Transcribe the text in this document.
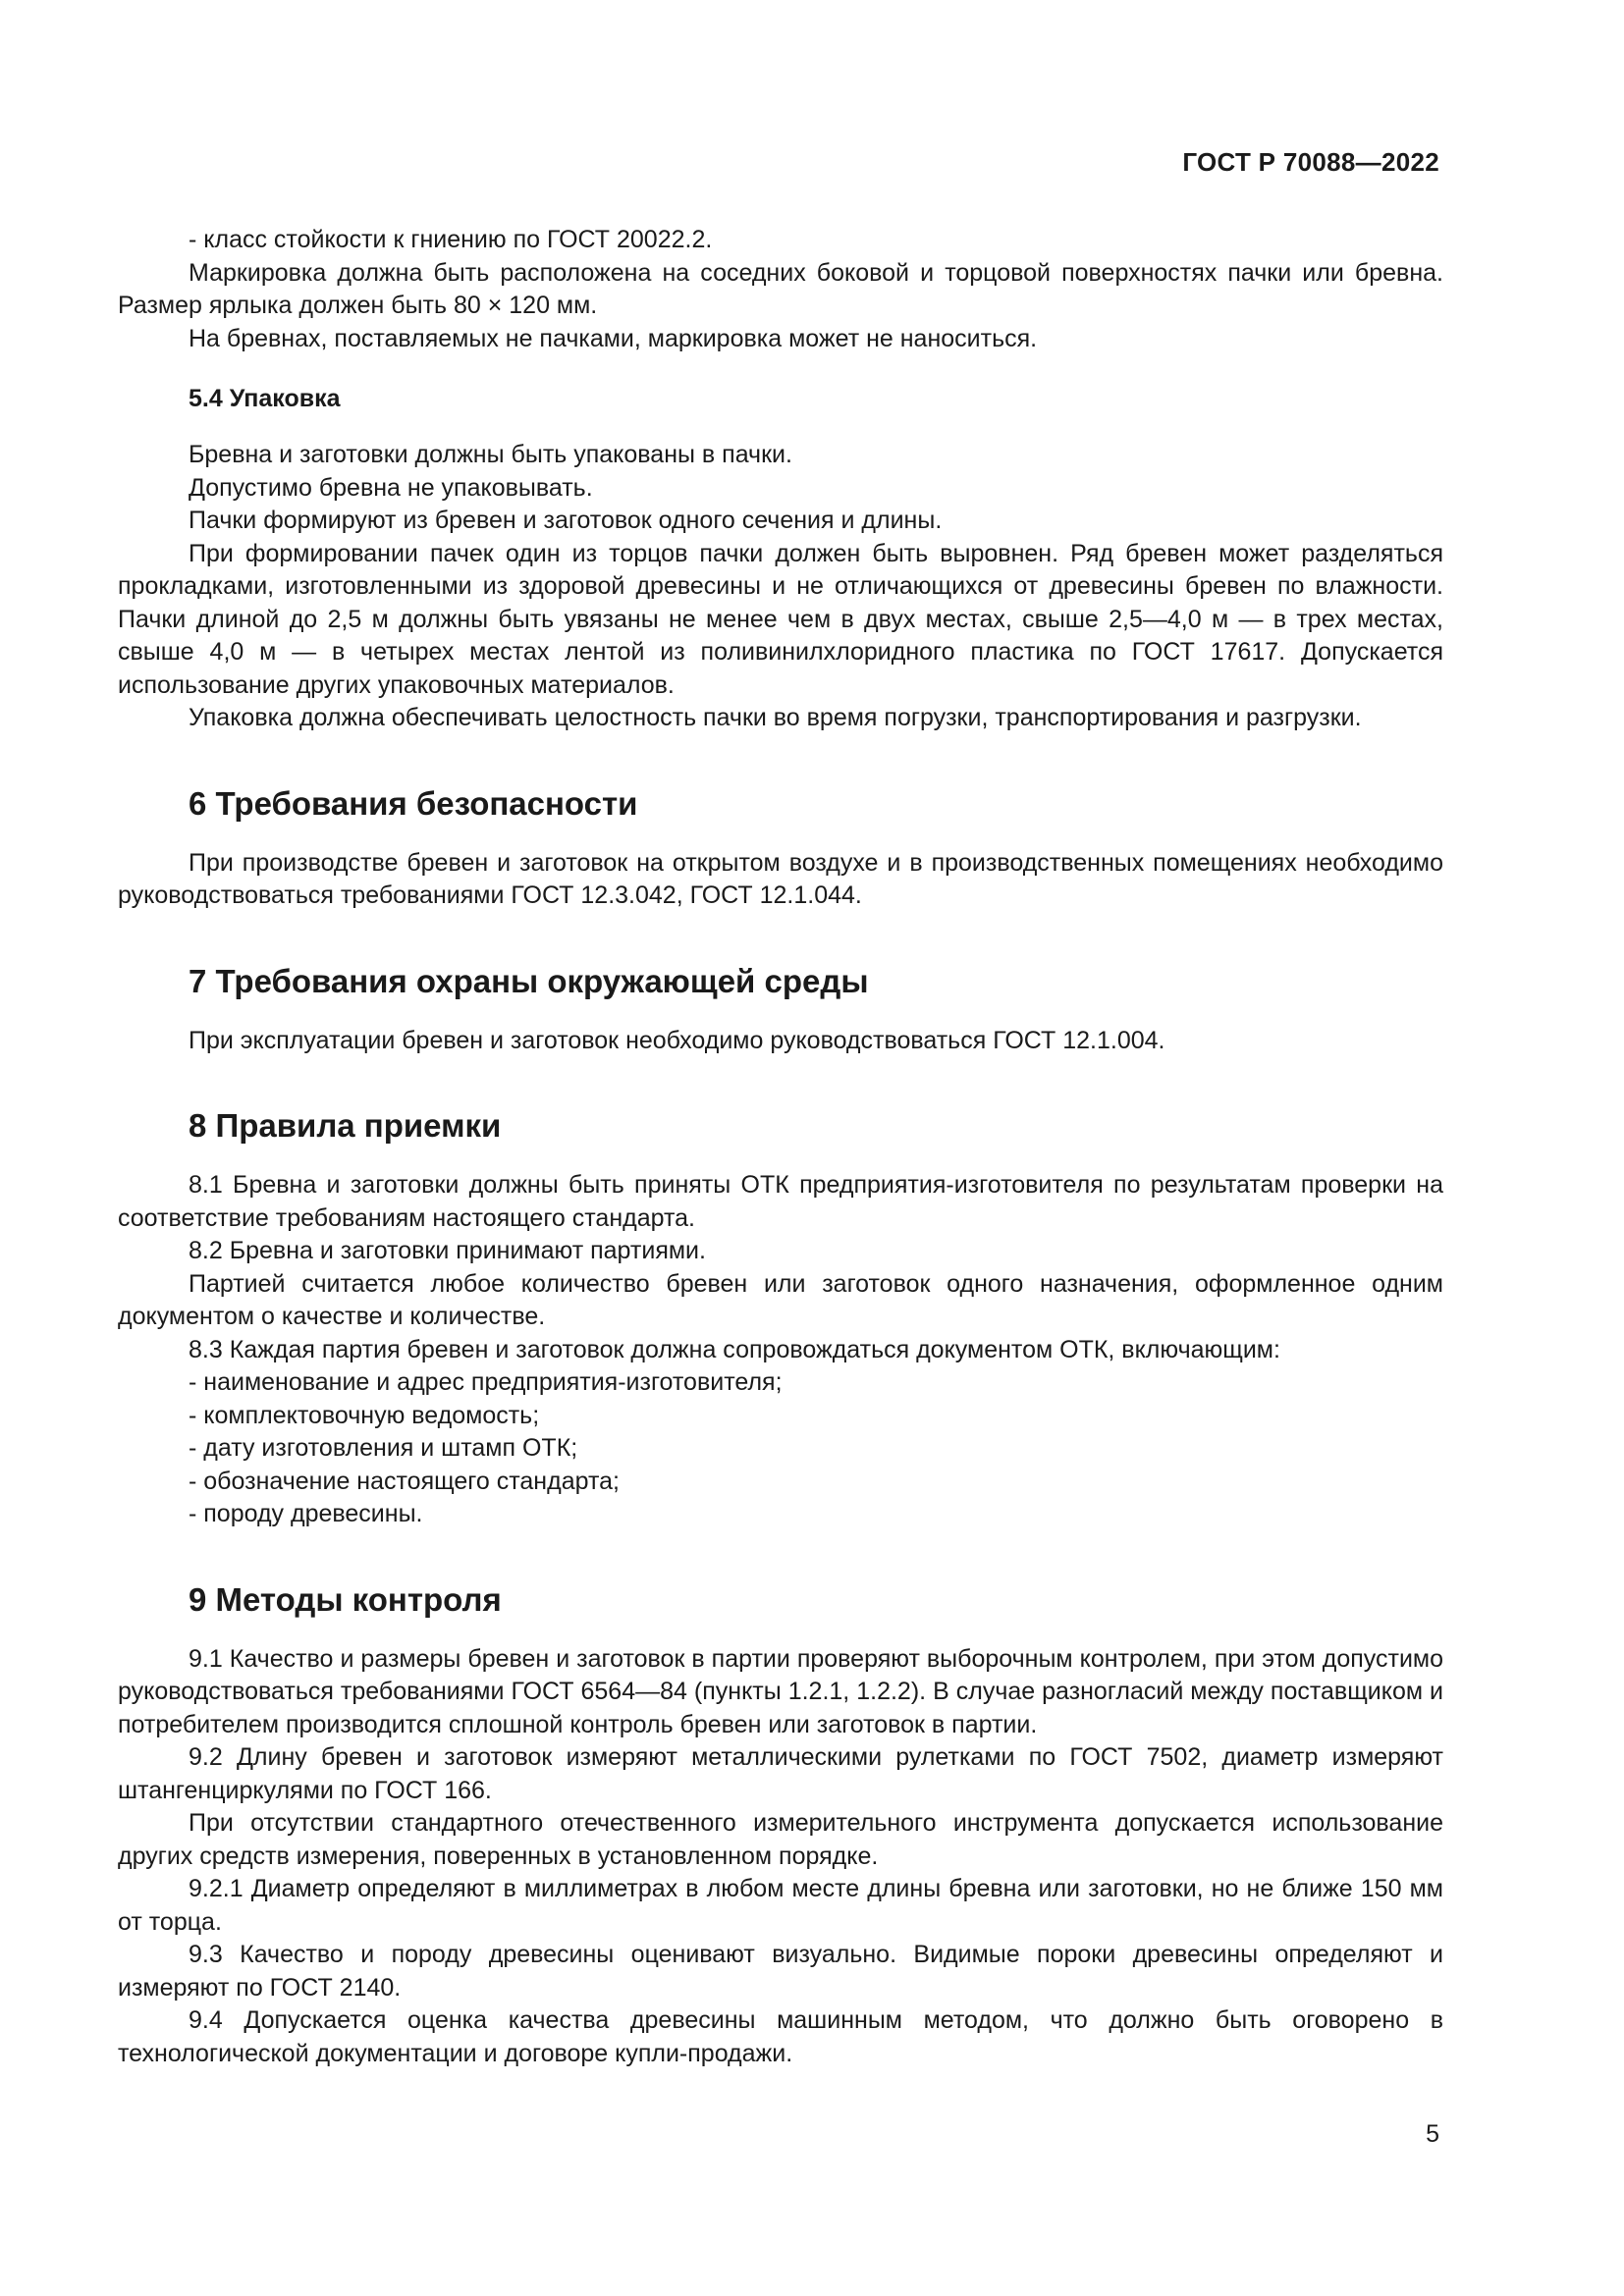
ГОСТ Р 70088—2022

- класс стойкости к гниению по ГОСТ 20022.2.

Маркировка должна быть расположена на соседних боковой и торцовой поверхностях пачки или бревна. Размер ярлыка должен быть 80 × 120 мм.

На бревнах, поставляемых не пачками, маркировка может не наноситься.

5.4 Упаковка

Бревна и заготовки должны быть упакованы в пачки.

Допустимо бревна не упаковывать.

Пачки формируют из бревен и заготовок одного сечения и длины.

При формировании пачек один из торцов пачки должен быть выровнен. Ряд бревен может разделяться прокладками, изготовленными из здоровой древесины и не отличающихся от древесины бревен по влажности. Пачки длиной до 2,5 м должны быть увязаны не менее чем в двух местах, свыше 2,5—4,0 м — в трех местах, свыше 4,0 м — в четырех местах лентой из поливинилхлоридного пластика по ГОСТ 17617. Допускается использование других упаковочных материалов.

Упаковка должна обеспечивать целостность пачки во время погрузки, транспортирования и разгрузки.

6 Требования безопасности

При производстве бревен и заготовок на открытом воздухе и в производственных помещениях необходимо руководствоваться требованиями ГОСТ 12.3.042, ГОСТ 12.1.044.

7 Требования охраны окружающей среды

При эксплуатации бревен и заготовок необходимо руководствоваться ГОСТ 12.1.004.

8 Правила приемки

8.1 Бревна и заготовки должны быть приняты ОТК предприятия-изготовителя по результатам проверки на соответствие требованиям настоящего стандарта.

8.2 Бревна и заготовки принимают партиями.

Партией считается любое количество бревен или заготовок одного назначения, оформленное одним документом о качестве и количестве.

8.3 Каждая партия бревен и заготовок должна сопровождаться документом ОТК, включающим:

- наименование и адрес предприятия-изготовителя;

- комплектовочную ведомость;

- дату изготовления и штамп ОТК;

- обозначение настоящего стандарта;

- породу древесины.

9 Методы контроля

9.1 Качество и размеры бревен и заготовок в партии проверяют выборочным контролем, при этом допустимо руководствоваться требованиями ГОСТ 6564—84 (пункты 1.2.1, 1.2.2). В случае разногласий между поставщиком и потребителем производится сплошной контроль бревен или заготовок в партии.

9.2 Длину бревен и заготовок измеряют металлическими рулетками по ГОСТ 7502, диаметр измеряют штангенциркулями по ГОСТ 166.

При отсутствии стандартного отечественного измерительного инструмента допускается использование других средств измерения, поверенных в установленном порядке.

9.2.1 Диаметр определяют в миллиметрах в любом месте длины бревна или заготовки, но не ближе 150 мм от торца.

9.3 Качество и породу древесины оценивают визуально. Видимые пороки древесины определяют и измеряют по ГОСТ 2140.

9.4 Допускается оценка качества древесины машинным методом, что должно быть оговорено в технологической документации и договоре купли-продажи.

5
